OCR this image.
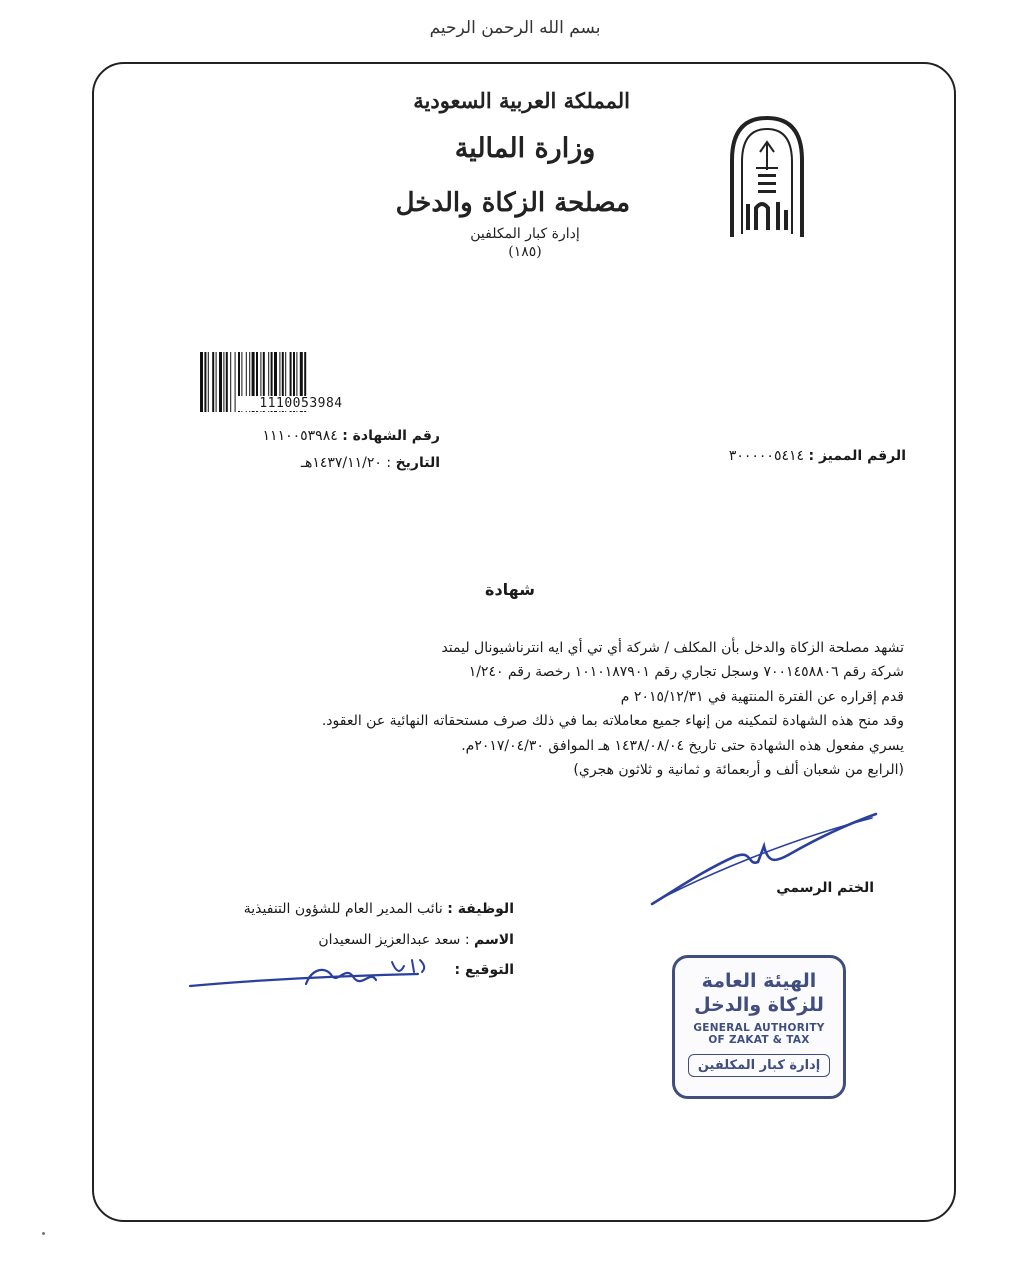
بسم الله الرحمن الرحيم
المملكة العربية السعودية
وزارة المالية
مصلحة الزكاة والدخل
إدارة كبار المكلفين
(١٨٥)
1110053984
رقم الشهادة : ١١١٠٠٥٣٩٨٤
التاريخ : ١٤٣٧/١١/٢٠هـ	الرقم المميز : ٣٠٠٠٠٠٥٤١٤
شهادة
تشهد مصلحة الزكاة والدخل بأن المكلف / شركة أي تي أي ايه انترناشيونال ليمتد
شركة رقم ٧٠٠١٤٥٨٨٠٦ وسجل تجاري رقم ١٠١٠١٨٧٩٠١ رخصة رقم ١/٢٤٠
قدم إقراره عن الفترة المنتهية في ٢٠١٥/١٢/٣١ م
وقد منح هذه الشهادة لتمكينه من إنهاء جميع معاملاته بما في ذلك صرف مستحقاته النهائية عن العقود.
يسري مفعول هذه الشهادة حتى تاريخ ١٤٣٨/٠٨/٠٤ هـ الموافق ٢٠١٧/٠٤/٣٠م.
(الرابع من شعبان ألف و أربعمائة و ثمانية و ثلاثون هجري)
الختم الرسمي
الوظيفة : نائب المدير العام للشؤون التنفيذية
الاسم : سعد عبدالعزيز السعيدان
التوقيع :	الهيئة العامة
للزكاة والدخل
GENERAL AUTHORITY
OF ZAKAT & TAX
إدارة كبار المكلفين
